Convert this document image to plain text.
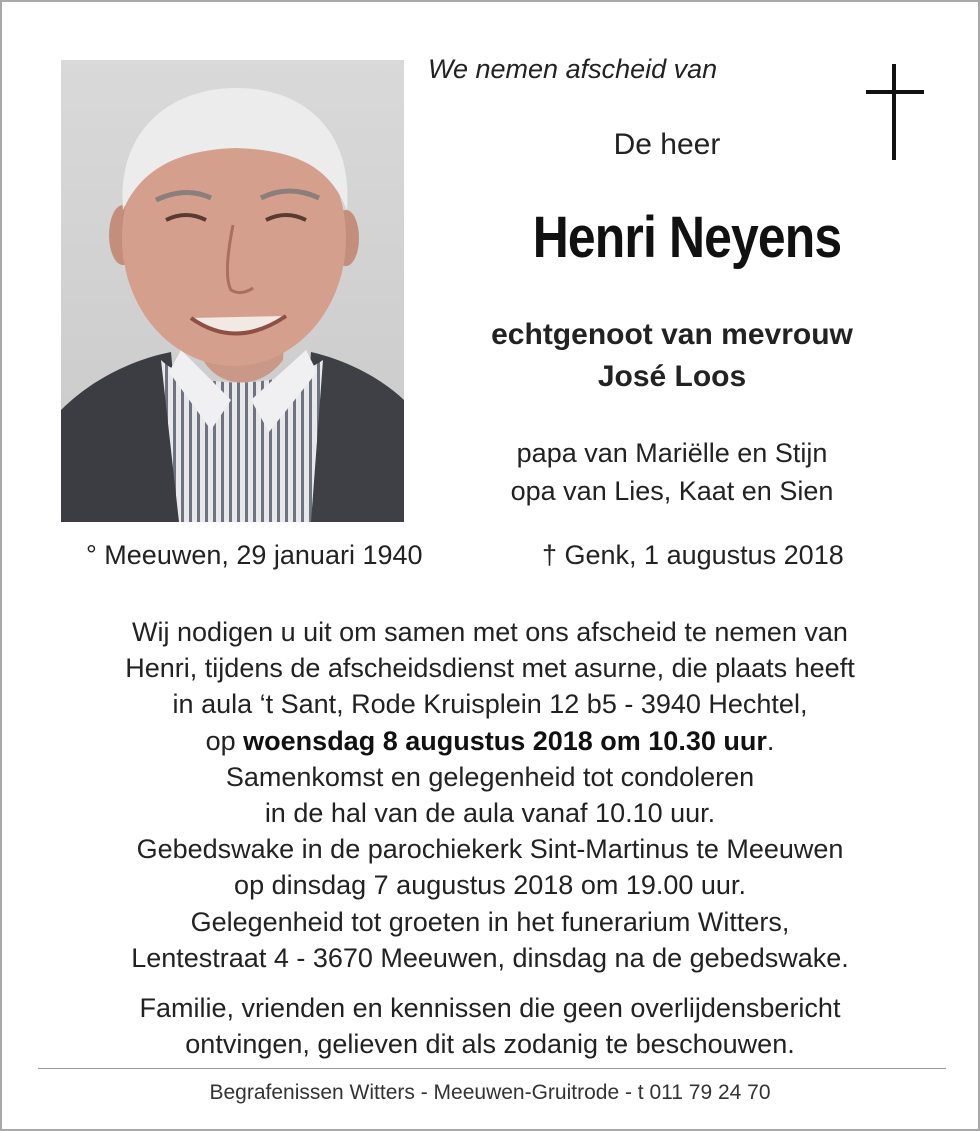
We nemen afscheid van
De heer
Henri Neyens
echtgenoot van mevrouw
José Loos
papa van Mariëlle en Stijn
opa van Lies, Kaat en Sien
° Meeuwen, 29 januari 1940	† Genk, 1 augustus 2018
Wij nodigen u uit om samen met ons afscheid te nemen van
Henri, tijdens de afscheidsdienst met asurne, die plaats heeft
in aula ‘t Sant, Rode Kruisplein 12 b5 - 3940 Hechtel,
op woensdag 8 augustus 2018 om 10.30 uur.
Samenkomst en gelegenheid tot condoleren
in de hal van de aula vanaf 10.10 uur.
Gebedswake in de parochiekerk Sint-Martinus te Meeuwen
op dinsdag 7 augustus 2018 om 19.00 uur.
Gelegenheid tot groeten in het funerarium Witters,
Lentestraat 4 - 3670 Meeuwen, dinsdag na de gebedswake.
Familie, vrienden en kennissen die geen overlijdensbericht
ontvingen, gelieven dit als zodanig te beschouwen.
Begrafenissen Witters - Meeuwen-Gruitrode - t 011 79 24 70
